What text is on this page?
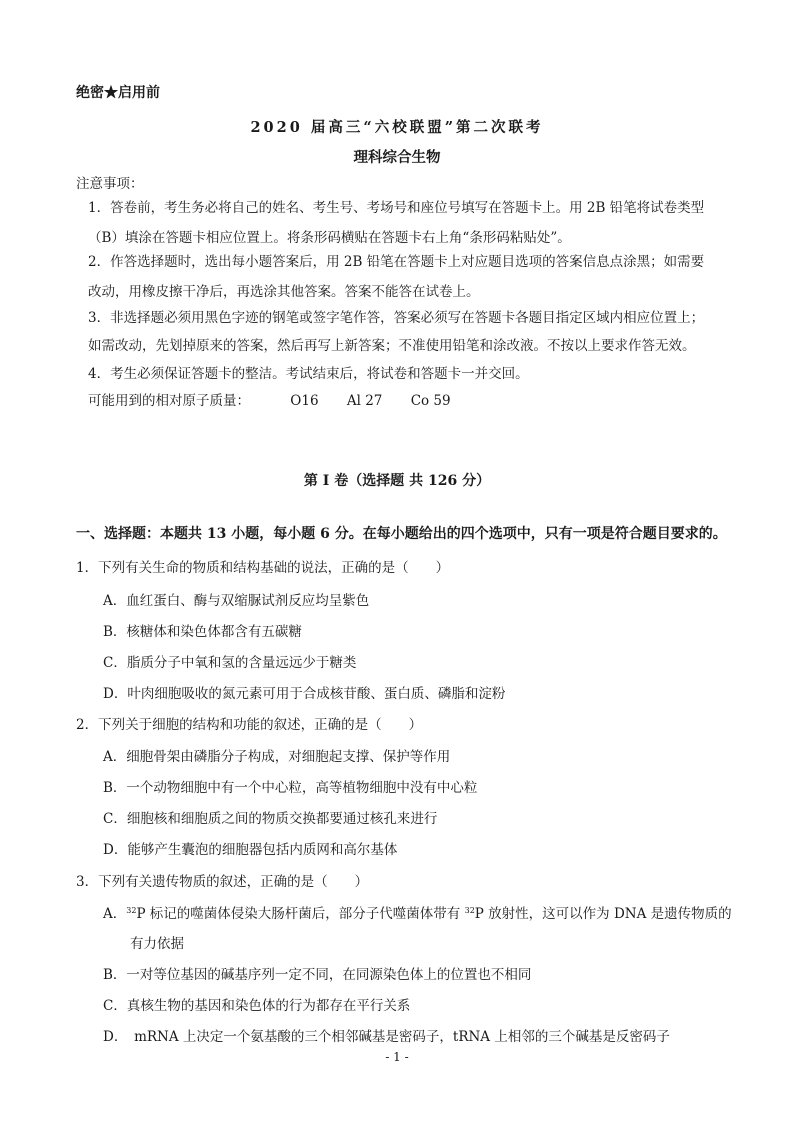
绝密★启用前
2020 届高三“六校联盟”第二次联考
理科综合生物
注意事项：
1．答卷前，考生务必将自己的姓名、考生号、考场号和座位号填写在答题卡上。用 2B 铅笔将试卷类型
（B）填涂在答题卡相应位置上。将条形码横贴在答题卡右上角“条形码粘贴处”。
2．作答选择题时，选出每小题答案后，用 2B 铅笔在答题卡上对应题目选项的答案信息点涂黑；如需要
改动，用橡皮擦干净后，再选涂其他答案。答案不能答在试卷上。
3．非选择题必须用黑色字迹的钢笔或签字笔作答，答案必须写在答题卡各题目指定区域内相应位置上；
如需改动，先划掉原来的答案，然后再写上新答案；不准使用铅笔和涂改液。不按以上要求作答无效。
4．考生必须保证答题卡的整洁。考试结束后，将试卷和答题卡一并交回。
可能用到的相对原子质量：	O16 Al 27 Co 59
第 I 卷（选择题 共 126 分）
一、选择题：本题共 13 小题，每小题 6 分。在每小题给出的四个选项中，只有一项是符合题目要求的。
1．下列有关生命的物质和结构基础的说法，正确的是（　　）
A．血红蛋白、酶与双缩脲试剂反应均呈紫色
B．核糖体和染色体都含有五碳糖
C．脂质分子中氧和氢的含量远远少于糖类
D．叶肉细胞吸收的氮元素可用于合成核苷酸、蛋白质、磷脂和淀粉
2．下列关于细胞的结构和功能的叙述，正确的是（　　）
A．细胞骨架由磷脂分子构成，对细胞起支撑、保护等作用
B．一个动物细胞中有一个中心粒，高等植物细胞中没有中心粒
C．细胞核和细胞质之间的物质交换都要通过核孔来进行
D．能够产生囊泡的细胞器包括内质网和高尔基体
3．下列有关遗传物质的叙述，正确的是（　　）
A．$^{32}$P 标记的噬菌体侵染大肠杆菌后，部分子代噬菌体带有 $^{32}$P 放射性，这可以作为 DNA 是遗传物质的
有力依据
B．一对等位基因的碱基序列一定不同，在同源染色体上的位置也不相同
C．真核生物的基因和染色体的行为都存在平行关系
D．　mRNA 上决定一个氨基酸的三个相邻碱基是密码子，tRNA 上相邻的三个碱基是反密码子
- 1 -
